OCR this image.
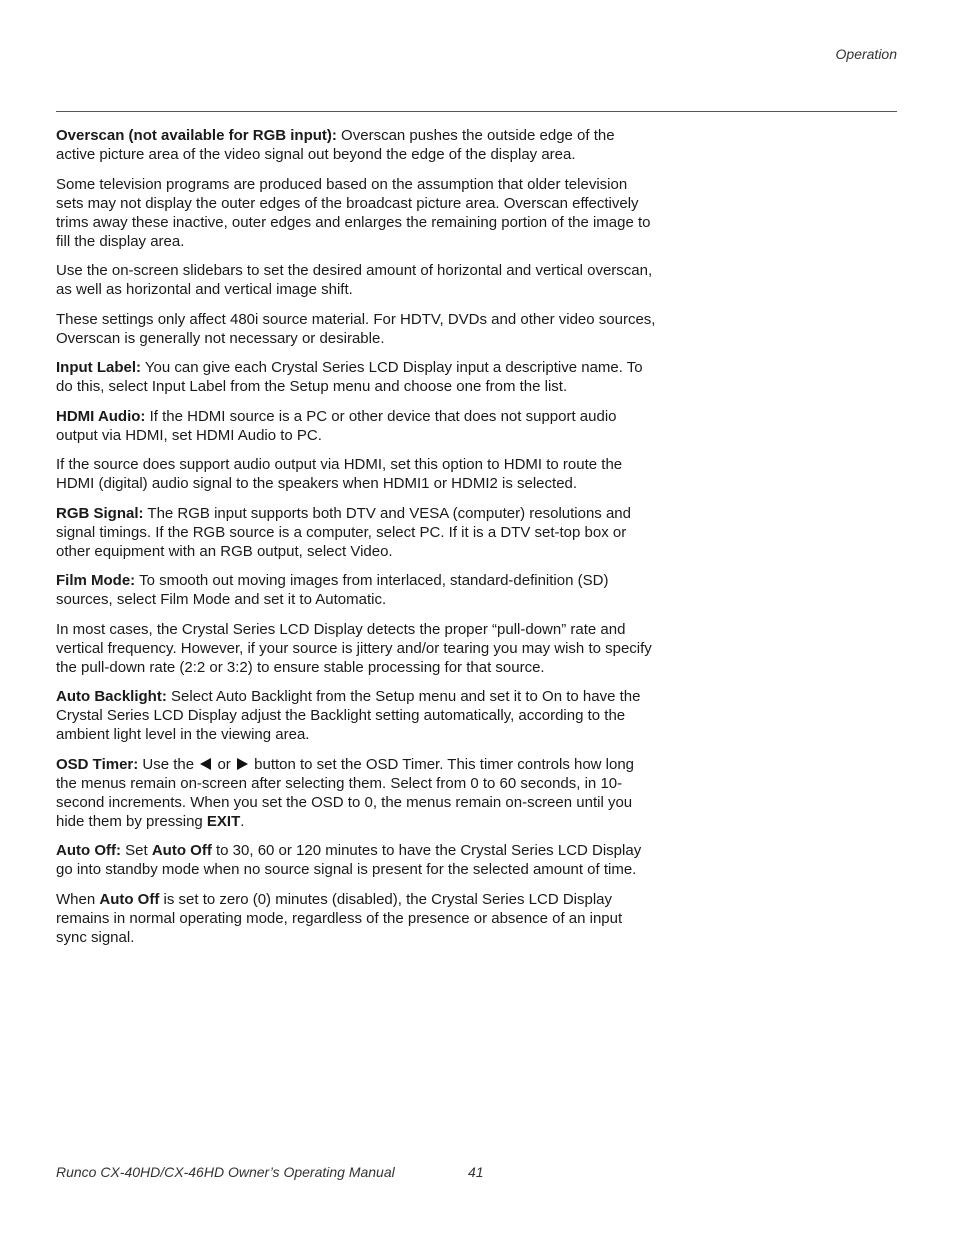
Operation

Overscan (not available for RGB input): Overscan pushes the outside edge of the active picture area of the video signal out beyond the edge of the display area.

Some television programs are produced based on the assumption that older television sets may not display the outer edges of the broadcast picture area. Overscan effectively trims away these inactive, outer edges and enlarges the remaining portion of the image to fill the display area.

Use the on-screen slidebars to set the desired amount of horizontal and vertical overscan, as well as horizontal and vertical image shift.

These settings only affect 480i source material. For HDTV, DVDs and other video sources, Overscan is generally not necessary or desirable.

Input Label: You can give each Crystal Series LCD Display input a descriptive name. To do this, select Input Label from the Setup menu and choose one from the list.

HDMI Audio: If the HDMI source is a PC or other device that does not support audio output via HDMI, set HDMI Audio to PC.

If the source does support audio output via HDMI, set this option to HDMI to route the HDMI (digital) audio signal to the speakers when HDMI1 or HDMI2 is selected.

RGB Signal: The RGB input supports both DTV and VESA (computer) resolutions and signal timings. If the RGB source is a computer, select PC. If it is a DTV set-top box or other equipment with an RGB output, select Video.

Film Mode: To smooth out moving images from interlaced, standard-definition (SD) sources, select Film Mode and set it to Automatic.

In most cases, the Crystal Series LCD Display detects the proper “pull-down” rate and vertical frequency. However, if your source is jittery and/or tearing you may wish to specify the pull-down rate (2:2 or 3:2) to ensure stable processing for that source.

Auto Backlight: Select Auto Backlight from the Setup menu and set it to On to have the Crystal Series LCD Display adjust the Backlight setting automatically, according to the ambient light level in the viewing area.

OSD Timer: Use the  or  button to set the OSD Timer. This timer controls how long the menus remain on-screen after selecting them. Select from 0 to 60 seconds, in 10-second increments. When you set the OSD to 0, the menus remain on-screen until you hide them by pressing EXIT.

Auto Off: Set Auto Off to 30, 60 or 120 minutes to have the Crystal Series LCD Display go into standby mode when no source signal is present for the selected amount of time.

When Auto Off is set to zero (0) minutes (disabled), the Crystal Series LCD Display remains in normal operating mode, regardless of the presence or absence of an input sync signal.

Runco CX-40HD/CX-46HD Owner’s Operating Manual	41
